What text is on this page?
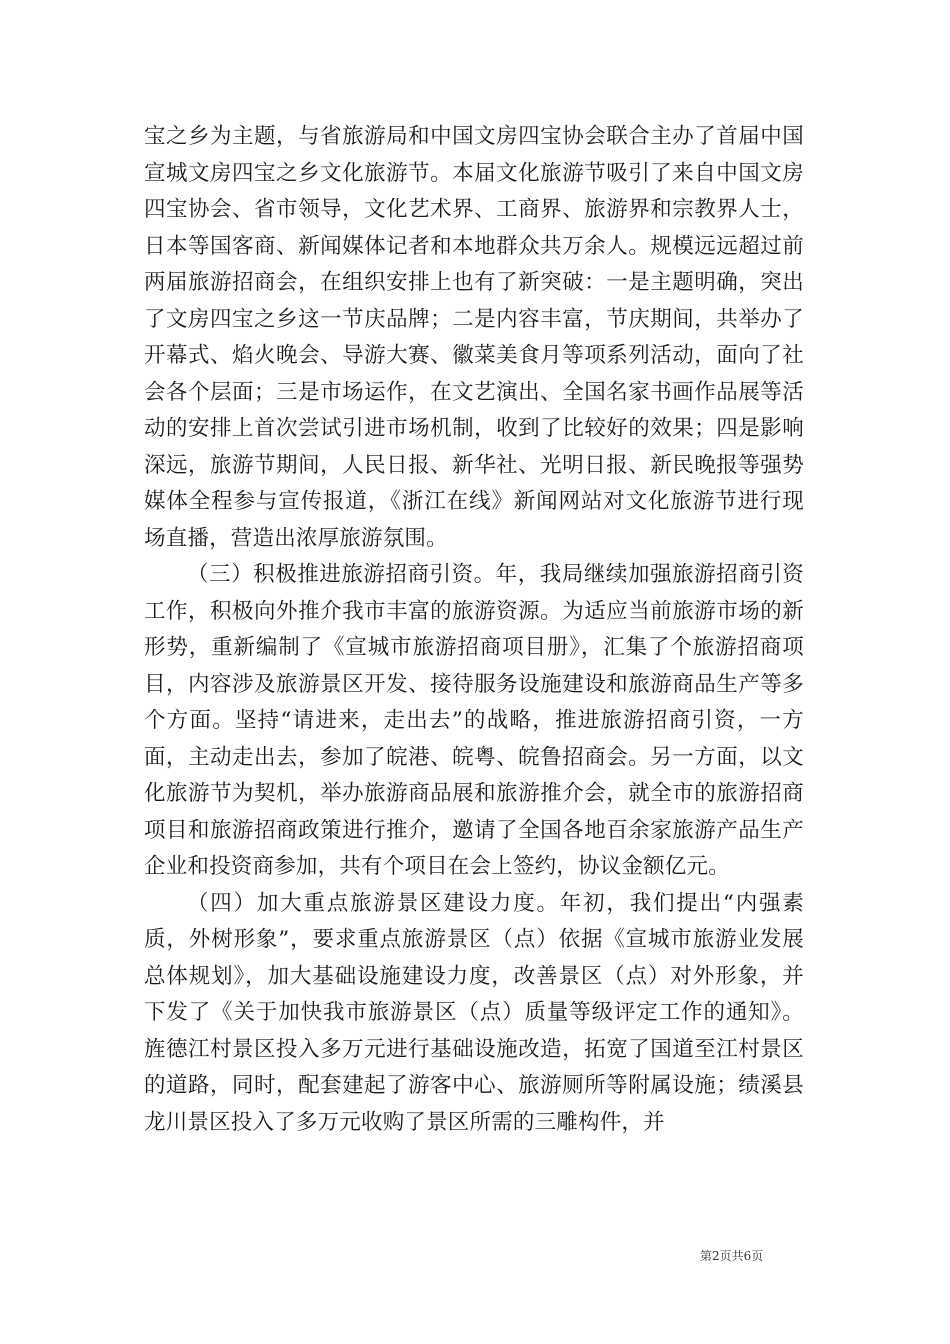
宝之乡为主题，与省旅游局和中国文房四宝协会联合主办了首届中国宣城文房四宝之乡文化旅游节。本届文化旅游节吸引了来自中国文房四宝协会、省市领导，文化艺术界、工商界、旅游界和宗教界人士，日本等国客商、新闻媒体记者和本地群众共万余人。规模远远超过前两届旅游招商会，在组织安排上也有了新突破：一是主题明确，突出了文房四宝之乡这一节庆品牌；二是内容丰富，节庆期间，共举办了开幕式、焰火晚会、导游大赛、徽菜美食月等项系列活动，面向了社会各个层面；三是市场运作，在文艺演出、全国名家书画作品展等活动的安排上首次尝试引进市场机制，收到了比较好的效果；四是影响深远，旅游节期间，人民日报、新华社、光明日报、新民晚报等强势媒体全程参与宣传报道，《浙江在线》新闻网站对文化旅游节进行现场直播，营造出浓厚旅游氛围。

（三）积极推进旅游招商引资。年，我局继续加强旅游招商引资工作，积极向外推介我市丰富的旅游资源。为适应当前旅游市场的新形势，重新编制了《宣城市旅游招商项目册》，汇集了个旅游招商项目，内容涉及旅游景区开发、接待服务设施建设和旅游商品生产等多个方面。坚持“请进来，走出去”的战略，推进旅游招商引资，一方面，主动走出去，参加了皖港、皖粤、皖鲁招商会。另一方面，以文化旅游节为契机，举办旅游商品展和旅游推介会，就全市的旅游招商项目和旅游招商政策进行推介，邀请了全国各地百余家旅游产品生产企业和投资商参加，共有个项目在会上签约，协议金额亿元。

（四）加大重点旅游景区建设力度。年初，我们提出“内强素质，外树形象”，要求重点旅游景区（点）依据《宣城市旅游业发展总体规划》，加大基础设施建设力度，改善景区（点）对外形象，并下发了《关于加快我市旅游景区（点）质量等级评定工作的通知》。旌德江村景区投入多万元进行基础设施改造，拓宽了国道至江村景区的道路，同时，配套建起了游客中心、旅游厕所等附属设施；绩溪县龙川景区投入了多万元收购了景区所需的三雕构件，并

第2页共6页
